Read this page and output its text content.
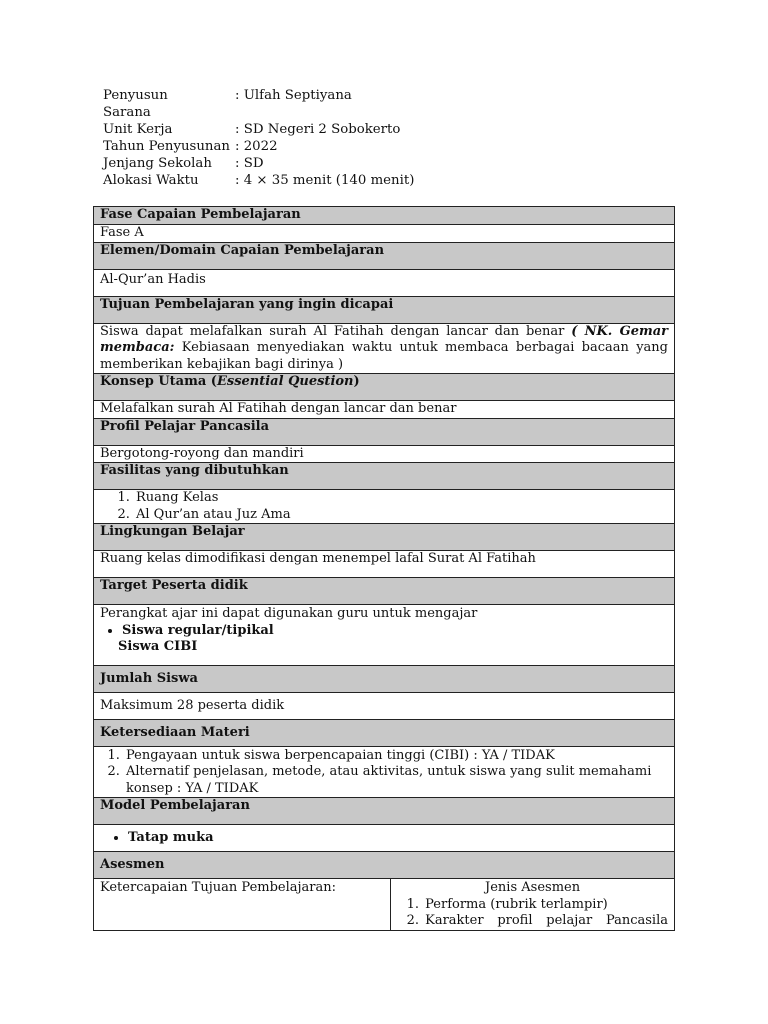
Penyusun	: Ulfah Septiyana
Sarana
Unit Kerja	: SD Negeri 2 Sobokerto
Tahun Penyusunan : 2022
Jenjang Sekolah	: SD
Alokasi Waktu	: 4 × 35 menit (140 menit)
Fase Capaian Pembelajaran
Fase A
Elemen/Domain Capaian Pembelajaran

Al-Qur’an Hadis

Tujuan Pembelajaran yang ingin dicapai
Siswa dapat melafalkan surah Al Fatihah dengan lancar dan benar ( NK. Gemar membaca: Kebiasaan menyediakan waktu untuk membaca berbagai bacaan yang memberikan kebajikan bagi dirinya )
Konsep Utama (Essential Question)
Melafalkan surah Al Fatihah dengan lancar dan benar
Profil Pelajar Pancasila
Bergotong-royong dan mandiri
Fasilitas yang dibutuhkan

1. Ruang Kelas
2. Al Qur’an atau Juz Ama

Lingkungan Belajar
Ruang kelas dimodifikasi dengan menempel lafal Surat Al Fatihah
Target Peserta didik

Perangkat ajar ini dapat digunakan guru untuk mengajar
• Siswa regular/tipikal
Siswa CIBI

Jumlah Siswa
Maksimum 28 peserta didik
Ketersediaan Materi

1. Pengayaan untuk siswa berpencapaian tinggi (CIBI) : YA / TIDAK
2. Alternatif penjelasan, metode, atau aktivitas, untuk siswa yang sulit memahami konsep : YA / TIDAK

Model Pembelajaran

• Tatap muka

Asesmen

Ketercapaian Tujuan Pembelajaran:	Jenis Asesmen
1. Performa (rubrik terlampir)
2. Karakter profil pelajar Pancasila
